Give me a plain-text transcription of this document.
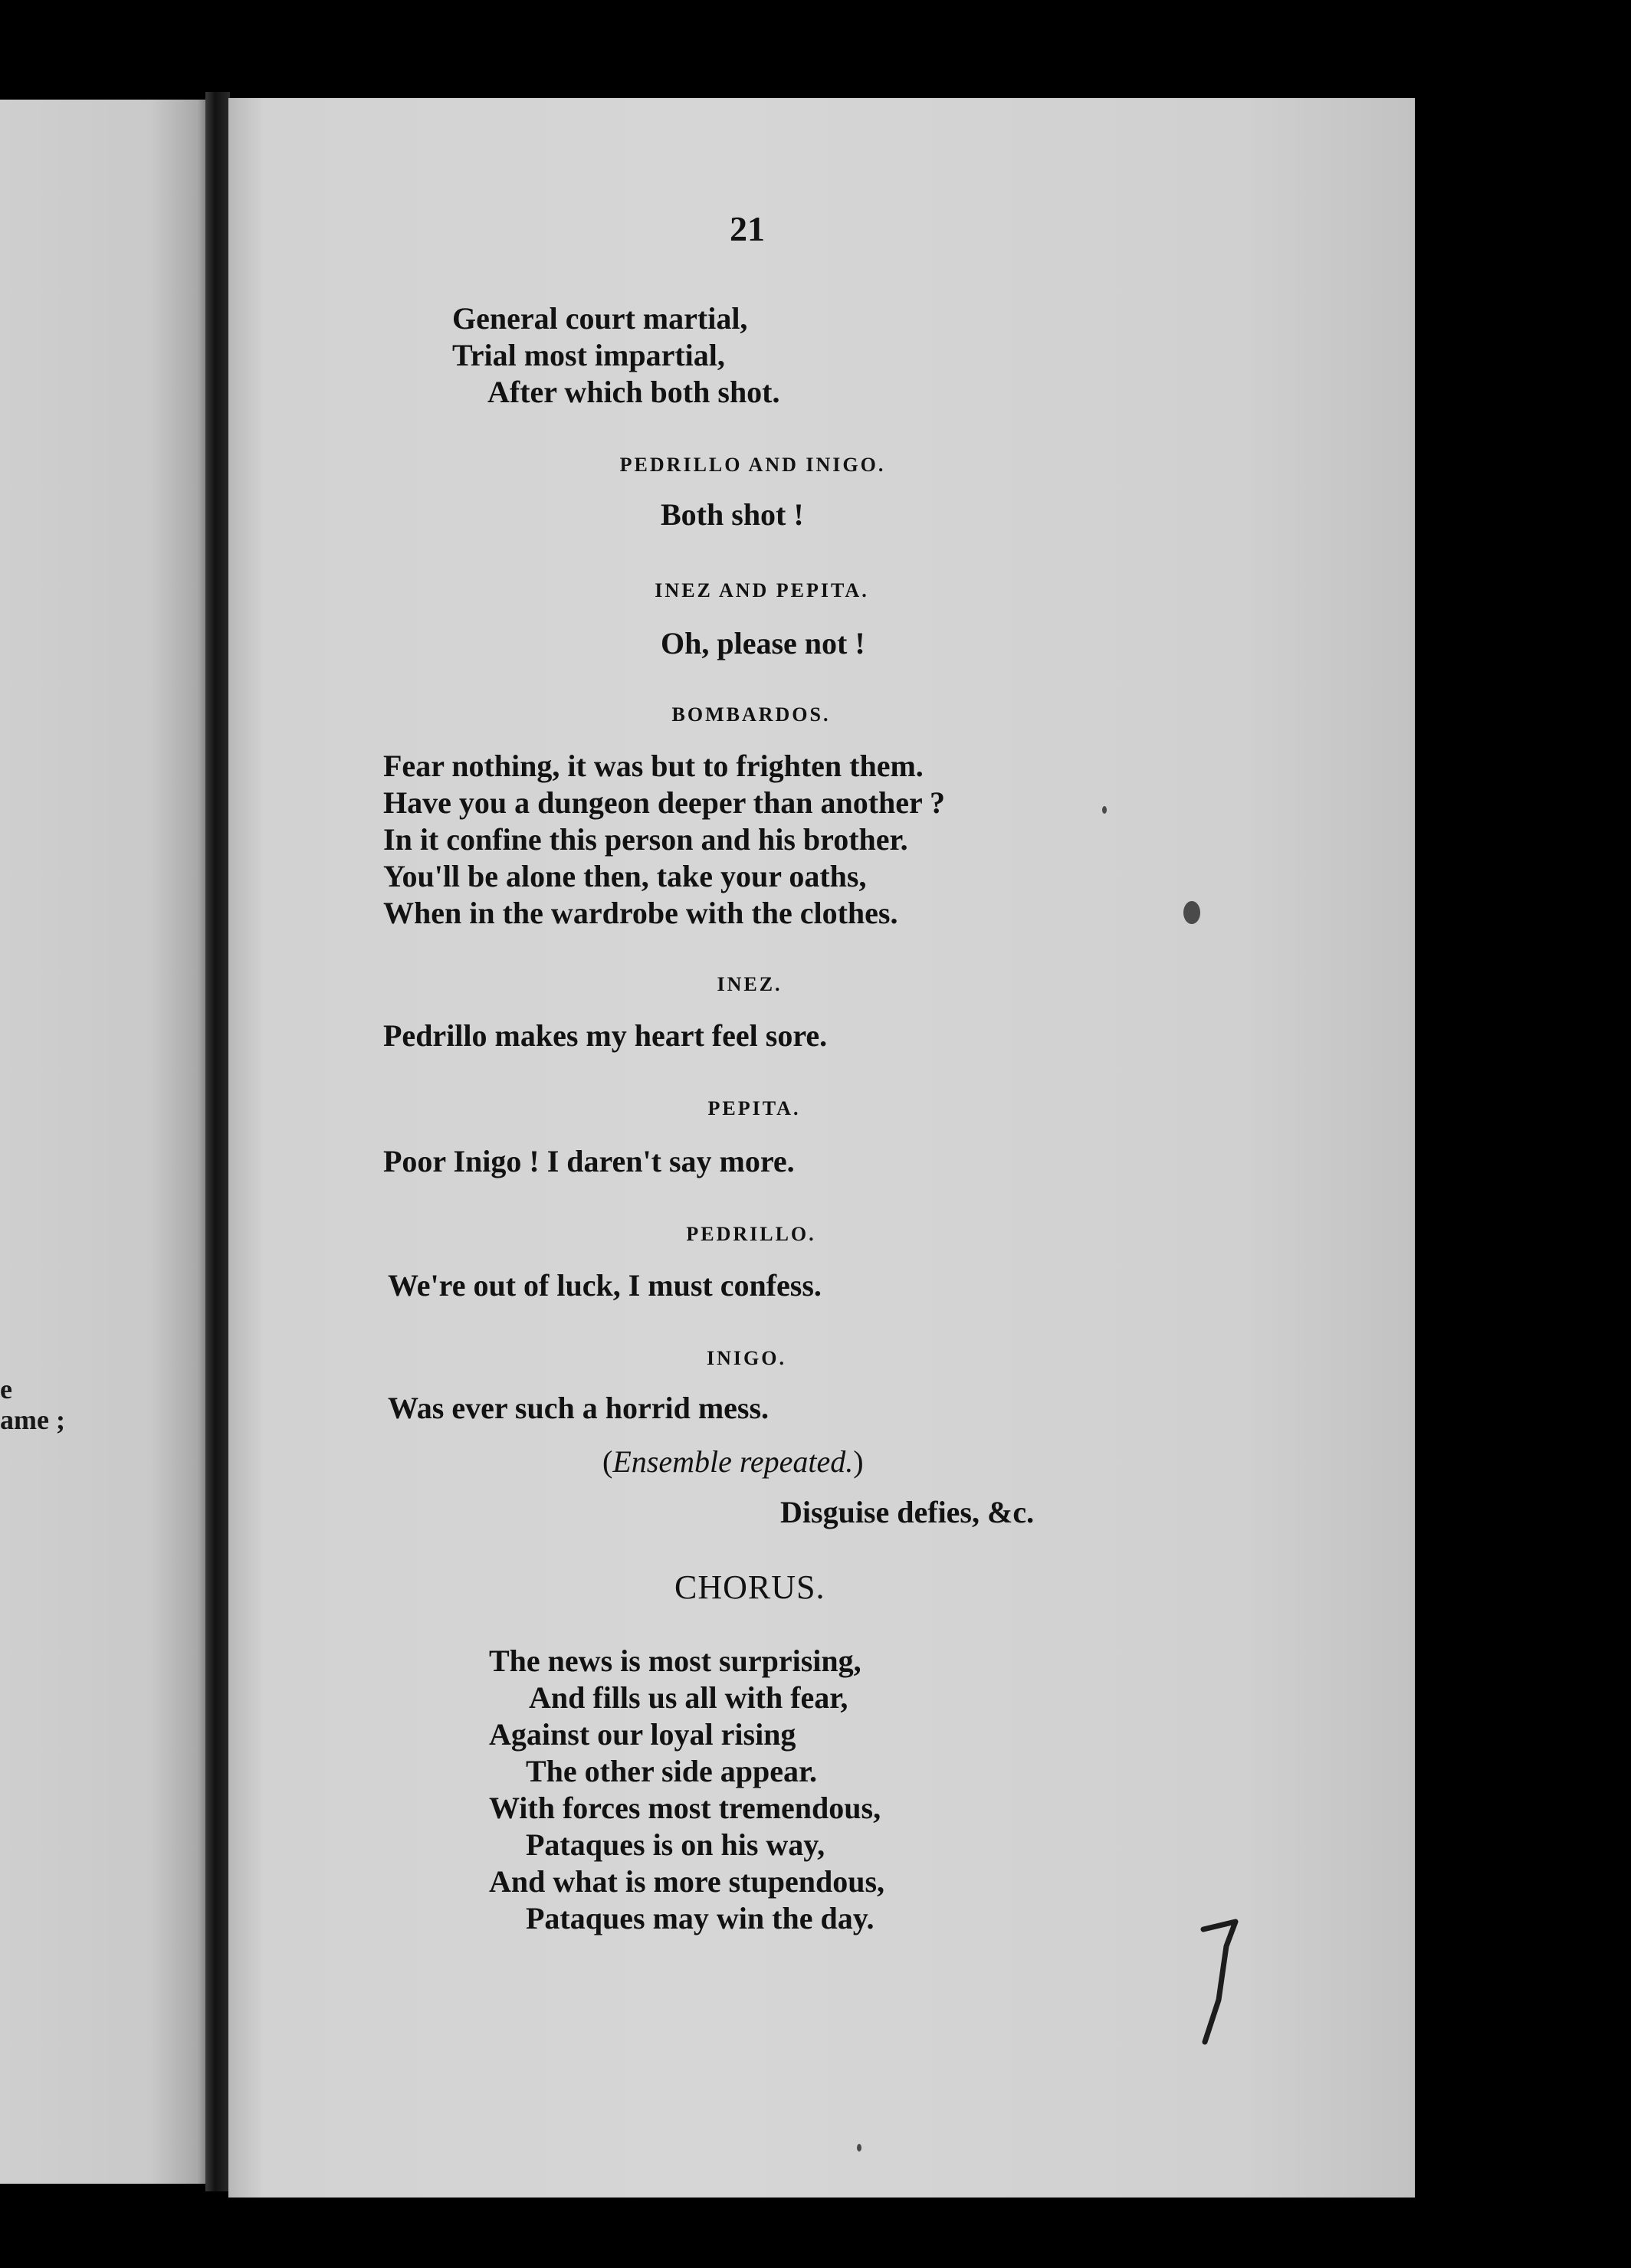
e
ame ;
21
General court martial,
Trial most impartial,
After which both shot.
PEDRILLO AND INIGO.
Both shot !
INEZ AND PEPITA.
Oh, please not !
BOMBARDOS.
Fear nothing, it was but to frighten them.
Have you a dungeon deeper than another ?
In it confine this person and his brother.
You'll be alone then, take your oaths,
When in the wardrobe with the clothes.
INEZ.
Pedrillo makes my heart feel sore.
PEPITA.
Poor Inigo ! I daren't say more.
PEDRILLO.
We're out of luck, I must confess.
INIGO.
Was ever such a horrid mess.
(Ensemble repeated.)
Disguise defies, &c.
CHORUS.
The news is most surprising,
And fills us all with fear,
Against our loyal rising
The other side appear.
With forces most tremendous,
Pataques is on his way,
And what is more stupendous,
Pataques may win the day.
